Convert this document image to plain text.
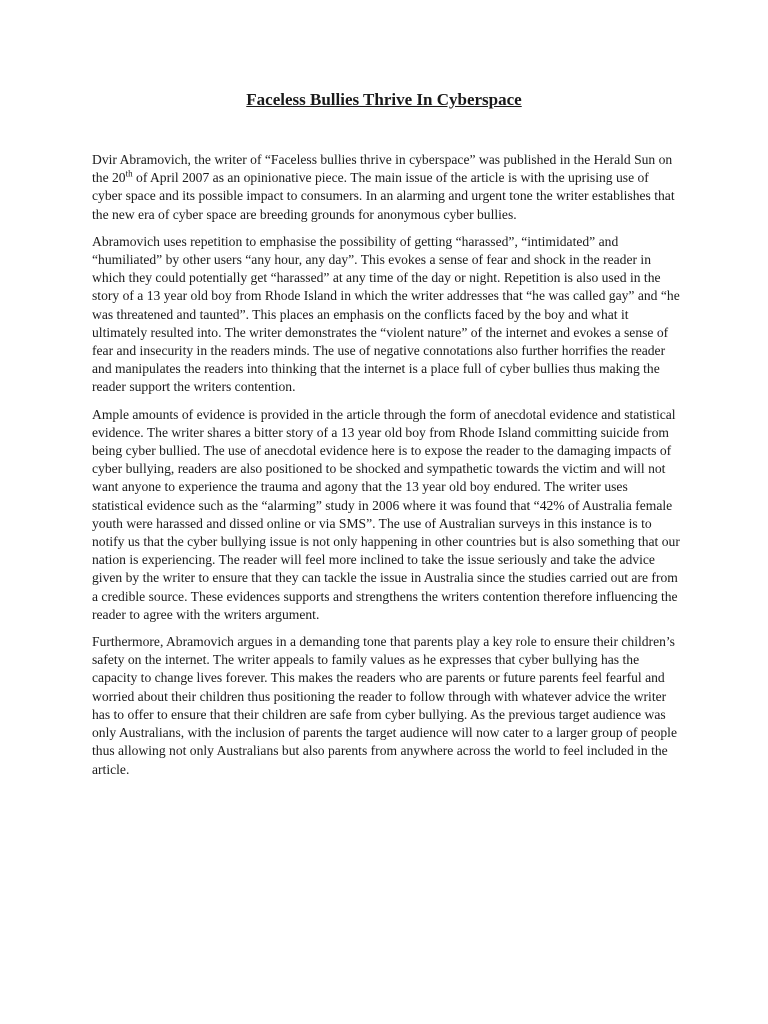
Faceless Bullies Thrive In Cyberspace

Dvir Abramovich, the writer of “Faceless bullies thrive in cyberspace” was published in the Herald Sun on the 20th of April 2007 as an opinionative piece. The main issue of the article is with the uprising use of cyber space and its possible impact to consumers. In an alarming and urgent tone the writer establishes that the new era of cyber space are breeding grounds for anonymous cyber bullies.

Abramovich uses repetition to emphasise the possibility of getting “harassed”, “intimidated” and “humiliated” by other users “any hour, any day”. This evokes a sense of fear and shock in the reader in which they could potentially get “harassed” at any time of the day or night. Repetition is also used in the story of a 13 year old boy from Rhode Island in which the writer addresses that “he was called gay” and “he was threatened and taunted”. This places an emphasis on the conflicts faced by the boy and what it ultimately resulted into. The writer demonstrates the “violent nature” of the internet and evokes a sense of fear and insecurity in the readers minds. The use of negative connotations also further horrifies the reader and manipulates the readers into thinking that the internet is a place full of cyber bullies thus making the reader support the writers contention.

Ample amounts of evidence is provided in the article through the form of anecdotal evidence and statistical evidence. The writer shares a bitter story of a 13 year old boy from Rhode Island committing suicide from being cyber bullied. The use of anecdotal evidence here is to expose the reader to the damaging impacts of cyber bullying, readers are also positioned to be shocked and sympathetic towards the victim and will not want anyone to experience the trauma and agony that the 13 year old boy endured. The writer uses statistical evidence such as the “alarming” study in 2006 where it was found that “42% of Australia female youth were harassed and dissed online or via SMS”. The use of Australian surveys in this instance is to notify us that the cyber bullying issue is not only happening in other countries but is also something that our nation is experiencing. The reader will feel more inclined to take the issue seriously and take the advice given by the writer to ensure that they can tackle the issue in Australia since the studies carried out are from a credible source. These evidences supports and strengthens the writers contention therefore influencing the reader to agree with the writers argument.

Furthermore, Abramovich argues in a demanding tone that parents play a key role to ensure their children’s safety on the internet. The writer appeals to family values as he expresses that cyber bullying has the capacity to change lives forever. This makes the readers who are parents or future parents feel fearful and worried about their children thus positioning the reader to follow through with whatever advice the writer has to offer to ensure that their children are safe from cyber bullying. As the previous target audience was only Australians, with the inclusion of parents the target audience will now cater to a larger group of people thus allowing not only Australians but also parents from anywhere across the world to feel included in the article.
